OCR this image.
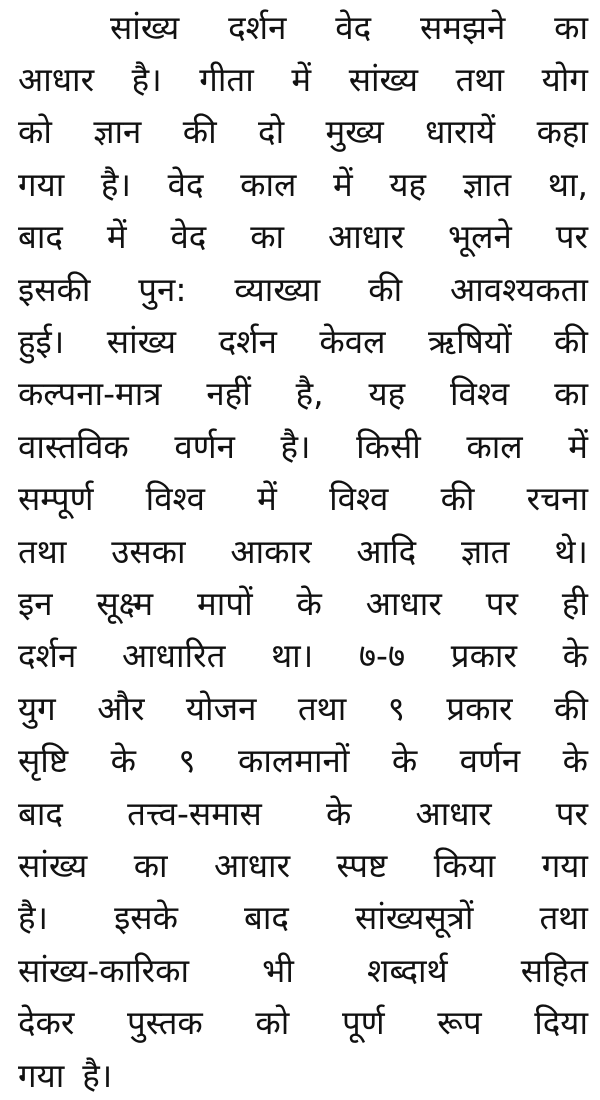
सांख्य दर्शन वेद समझने का
आधार है। गीता में सांख्य तथा योग
को ज्ञान की दो मुख्य धारायें कहा
गया है। वेद काल में यह ज्ञात था,
बाद में वेद का आधार भूलने पर
इसकी पुन: व्याख्या की आवश्यकता
हुई। सांख्य दर्शन केवल ऋषियों की
कल्पना-मात्र नहीं है, यह विश्व का
वास्तविक वर्णन है। किसी काल में
सम्पूर्ण विश्व में विश्व की रचना
तथा उसका आकार आदि ज्ञात थे।
इन सूक्ष्म मापों के आधार पर ही
दर्शन आधारित था। ७-७ प्रकार के
युग और योजन तथा ९ प्रकार की
सृष्टि के ९ कालमानों के वर्णन के
बाद तत्त्व-समास के आधार पर
सांख्य का आधार स्पष्ट किया गया
है। इसके बाद सांख्यसूत्रों तथा
सांख्य-कारिका भी शब्दार्थ सहित
देकर पुस्तक को पूर्ण रूप दिया
गया है।
